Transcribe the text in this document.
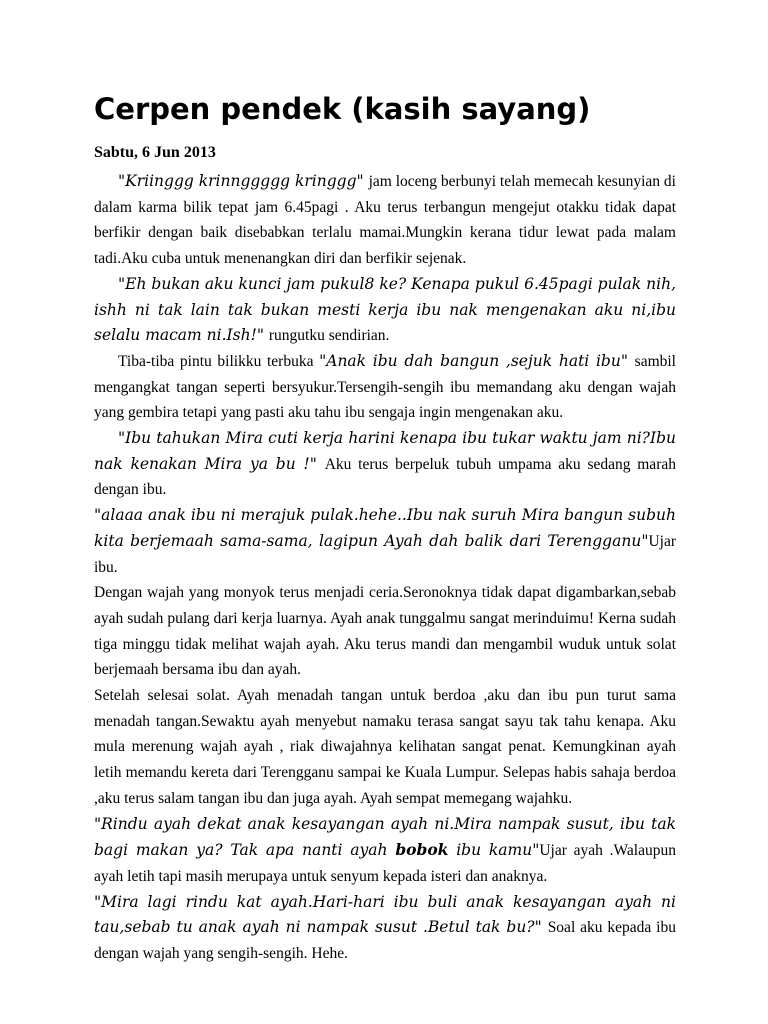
Cerpen pendek (kasih sayang)
Sabtu, 6 Jun 2013

"Kriinggg krinnggggg kringgg" jam loceng berbunyi telah memecah kesunyian di dalam karma bilik tepat jam 6.45pagi . Aku terus terbangun mengejut otakku tidak dapat berfikir dengan baik disebabkan terlalu mamai.Mungkin kerana tidur lewat pada malam tadi.Aku cuba untuk menenangkan diri dan berfikir sejenak.

"Eh bukan aku kunci jam pukul8 ke? Kenapa pukul 6.45pagi pulak nih, ishh ni tak lain tak bukan mesti kerja ibu nak mengenakan aku ni,ibu selalu macam ni.Ish!" rungutku sendirian.

Tiba-tiba pintu bilikku terbuka "Anak ibu dah bangun ,sejuk hati ibu" sambil mengangkat tangan seperti bersyukur.Tersengih-sengih ibu memandang aku dengan wajah yang gembira tetapi yang pasti aku tahu ibu sengaja ingin mengenakan aku.

"Ibu tahukan Mira cuti kerja harini kenapa ibu tukar waktu jam ni?Ibu nak kenakan Mira ya bu !" Aku terus berpeluk tubuh umpama aku sedang marah dengan ibu.

"alaaa anak ibu ni merajuk pulak.hehe..Ibu nak suruh Mira bangun subuh kita berjemaah sama-sama, lagipun Ayah dah balik dari Terengganu"Ujar ibu.

Dengan wajah yang monyok terus menjadi ceria.Seronoknya tidak dapat digambarkan,sebab ayah sudah pulang dari kerja luarnya. Ayah anak tunggalmu sangat merinduimu! Kerna sudah tiga minggu tidak melihat wajah ayah. Aku terus mandi dan mengambil wuduk untuk solat berjemaah bersama ibu dan ayah.

Setelah selesai solat. Ayah menadah tangan untuk berdoa ,aku dan ibu pun turut sama menadah tangan.Sewaktu ayah menyebut namaku terasa sangat sayu tak tahu kenapa. Aku mula merenung wajah ayah , riak diwajahnya kelihatan sangat penat. Kemungkinan ayah letih memandu kereta dari Terengganu sampai ke Kuala Lumpur. Selepas habis sahaja berdoa ,aku terus salam tangan ibu dan juga ayah. Ayah sempat memegang wajahku.

"Rindu ayah dekat anak kesayangan ayah ni.Mira nampak susut, ibu tak bagi makan ya? Tak apa nanti ayah bobok ibu kamu"Ujar ayah .Walaupun ayah letih tapi masih merupaya untuk senyum kepada isteri dan anaknya.

"Mira lagi rindu kat ayah.Hari-hari ibu buli anak kesayangan ayah ni tau,sebab tu anak ayah ni nampak susut .Betul tak bu?" Soal aku kepada ibu dengan wajah yang sengih-sengih. Hehe.
